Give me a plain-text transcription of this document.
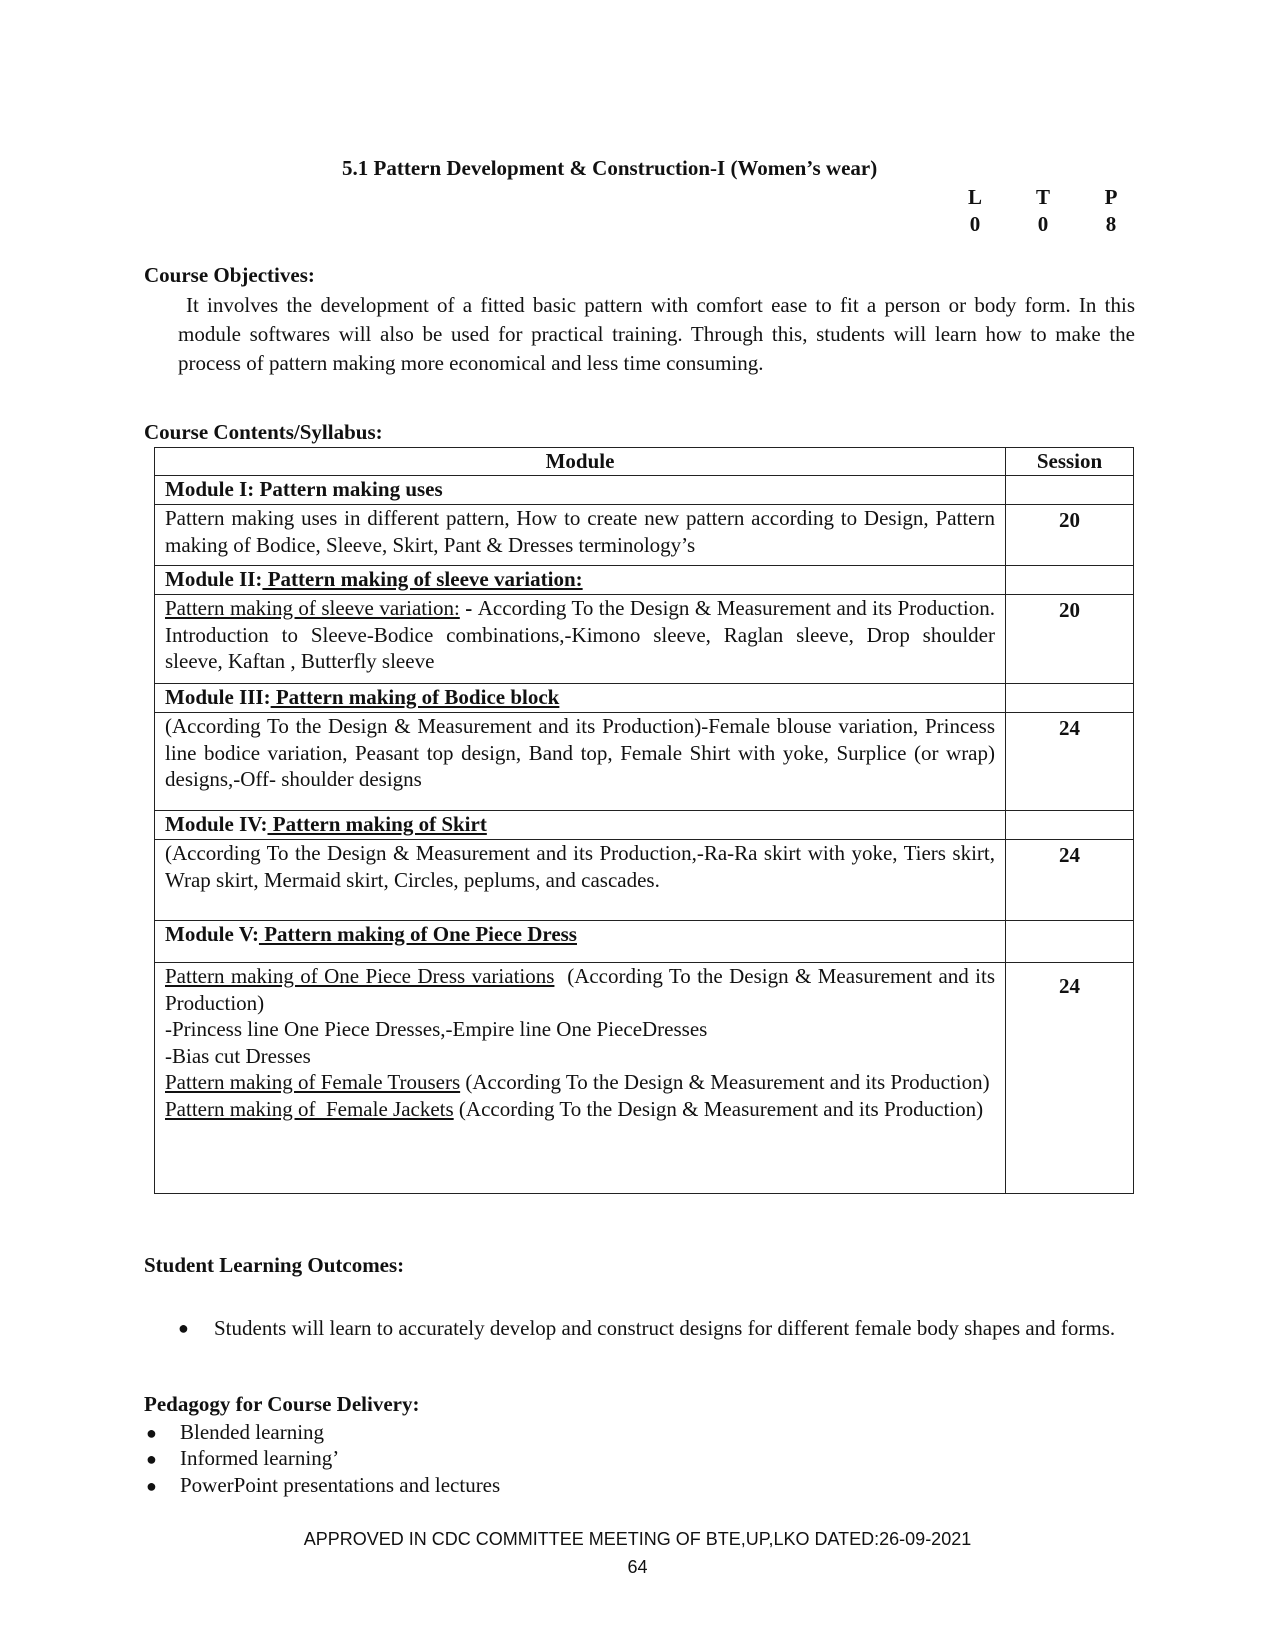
5.1 Pattern Development & Construction-I (Women’s wear)
L	T	P
0	0	8
Course Objectives:
It involves the development of a fitted basic pattern with comfort ease to fit a person or body form. In this module softwares will also be used for practical training. Through this, students will learn how to make the process of pattern making more economical and less time consuming.
Course Contents/Syllabus:
Module	Session
Module I: Pattern making uses	
Pattern making uses in different pattern, How to create new pattern according to Design, Pattern making of Bodice, Sleeve, Skirt, Pant & Dresses terminology’s	20
Module II: Pattern making of sleeve variation:	
Pattern making of sleeve variation: - According To the Design & Measurement and its Production. Introduction to Sleeve-Bodice combinations,-Kimono sleeve, Raglan sleeve, Drop shoulder sleeve, Kaftan , Butterfly sleeve	20
Module III: Pattern making of Bodice block	
(According To the Design & Measurement and its Production)-Female blouse variation, Princess line bodice variation, Peasant top design, Band top, Female Shirt with yoke, Surplice (or wrap) designs,-Off- shoulder designs	24
Module IV: Pattern making of Skirt	
(According To the Design & Measurement and its Production,-Ra-Ra skirt with yoke, Tiers skirt, Wrap skirt, Mermaid skirt, Circles, peplums, and cascades.	24
Module V: Pattern making of One Piece Dress	

Pattern making of One Piece Dress variations  (According To the Design & Measurement and its Production)
-Princess line One Piece Dresses,-Empire line One PieceDresses
-Bias cut Dresses
Pattern making of Female Trousers (According To the Design & Measurement and its Production)
Pattern making of  Female Jackets (According To the Design & Measurement and its Production)	24
Student Learning Outcomes:
● Students will learn to accurately develop and construct designs for different female body shapes and forms.
Pedagogy for Course Delivery:
● Blended learning
● Informed learning’
● PowerPoint presentations and lectures
APPROVED IN CDC COMMITTEE MEETING OF BTE,UP,LKO DATED:26-09-2021
64
